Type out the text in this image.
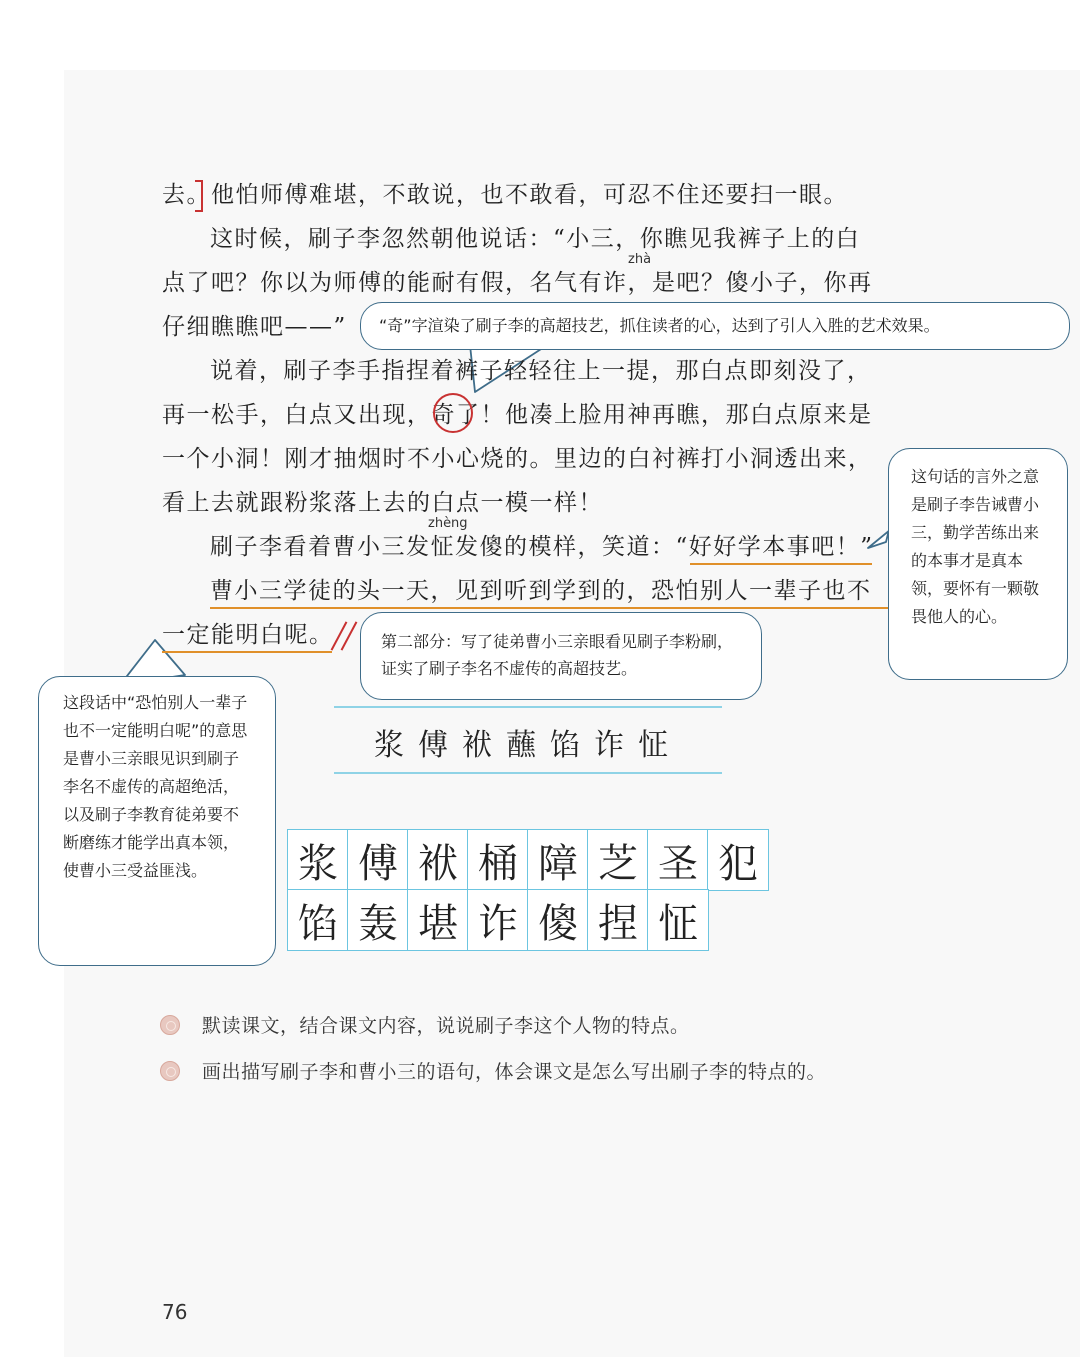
去。他怕师傅难堪，不敢说，也不敢看，可忍不住还要扫一眼。
这时候，刷子李忽然朝他说话：“小三，你瞧见我裤子上的白
zhà
点了吧？你以为师傅的能耐有假，名气有诈，是吧？傻小子，你再
仔细瞧瞧吧——”
说着，刷子李手指捏着裤子轻轻往上一提，那白点即刻没了，
再一松手，白点又出现，奇了！他凑上脸用神再瞧，那白点原来是
一个小洞！刚才抽烟时不小心烧的。里边的白衬裤打小洞透出来，
看上去就跟粉浆落上去的白点一模一样！
zhèng
刷子李看着曹小三发怔发傻的模样，笑道：“好好学本事吧！”
曹小三学徒的头一天，见到听到学到的，恐怕别人一辈子也不
一定能明白呢。
“奇”字渲染了刷子李的高超技艺，抓住读者的心，达到了引人入胜的艺术效果。
这句话的言外之意是刷子李告诫曹小三，勤学苦练出来的本事才是真本领，要怀有一颗敬畏他人的心。
第二部分：写了徒弟曹小三亲眼看见刷子李粉刷，证实了刷子李名不虚传的高超技艺。
这段话中“恐怕别人一辈子也不一定能明白呢”的意思是曹小三亲眼见识到刷子李名不虚传的高超绝活，以及刷子李教育徒弟要不断磨练才能学出真本领，使曹小三受益匪浅。
浆傅袱蘸馅诈怔
浆 傅 袱 桶 障 芝 圣 犯
馅 轰 堪 诈 傻 捏 怔
默读课文，结合课文内容，说说刷子李这个人物的特点。
画出描写刷子李和曹小三的语句，体会课文是怎么写出刷子李的特点的。
76
